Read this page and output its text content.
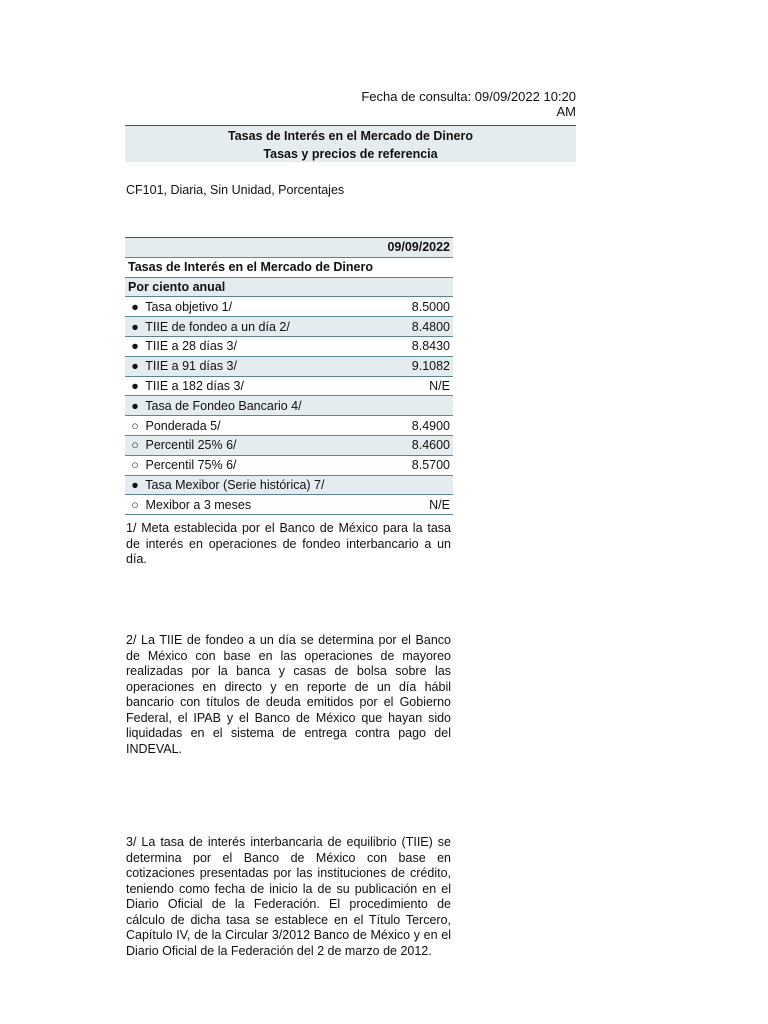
Fecha de consulta: 09/09/2022 10:20 AM
Tasas de Interés en el Mercado de Dinero
Tasas y precios de referencia
CF101, Diaria, Sin Unidad, Porcentajes
	09/09/2022
Tasas de Interés en el Mercado de Dinero	
Por ciento anual	
● Tasa objetivo 1/	8.5000
● TIIE de fondeo a un día 2/	8.4800
● TIIE a 28 días 3/	8.8430
● TIIE a 91 días 3/	9.1082
● TIIE a 182 días 3/	N/E
● Tasa de Fondeo Bancario 4/	
○ Ponderada 5/	8.4900
○ Percentil 25% 6/	8.4600
○ Percentil 75% 6/	8.5700
● Tasa Mexibor (Serie histórica) 7/	
○ Mexibor a 3 meses	N/E
1/ Meta establecida por el Banco de México para la tasa de interés en operaciones de fondeo interbancario a un día.
2/ La TIIE de fondeo a un día se determina por el Banco de México con base en las operaciones de mayoreo realizadas por la banca y casas de bolsa sobre las operaciones en directo y en reporte de un día hábil bancario con títulos de deuda emitidos por el Gobierno Federal, el IPAB y el Banco de México que hayan sido liquidadas en el sistema de entrega contra pago del INDEVAL.
3/ La tasa de interés interbancaria de equilibrio (TIIE) se determina por el Banco de México con base en cotizaciones presentadas por las instituciones de crédito, teniendo como fecha de inicio la de su publicación en el Diario Oficial de la Federación. El procedimiento de cálculo de dicha tasa se establece en el Título Tercero, Capítulo IV, de la Circular 3/2012 Banco de México y en el Diario Oficial de la Federación del 2 de marzo de 2012.
